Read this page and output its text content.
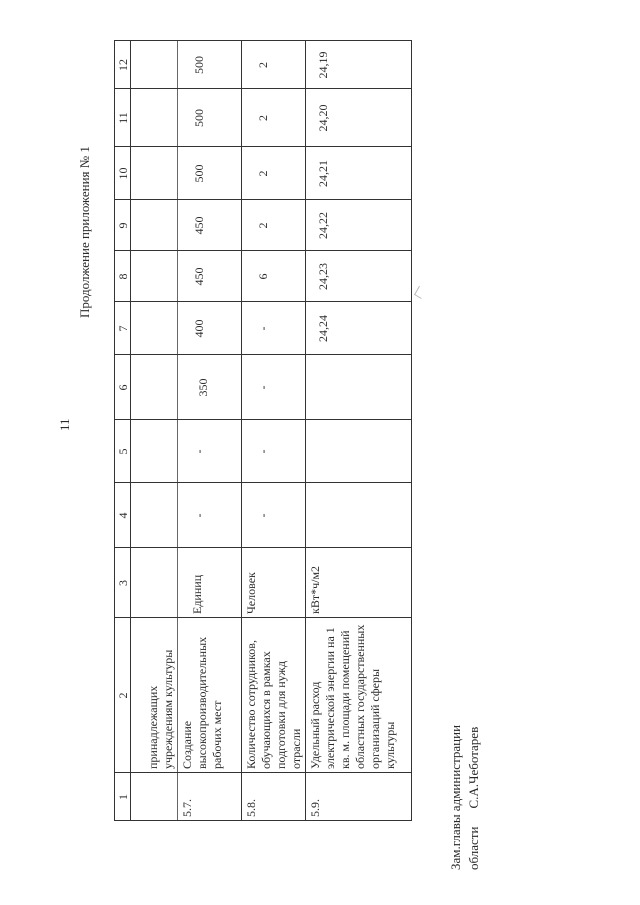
11
Продолжение приложения № 1
1
2
3
4
5
6
7
8
9
10
11
12
принадлежащих учреждениям культуры
5.7.
Создание высокопроизводительных рабочих мест
Единиц
-
-
350
400
450
450
500
500
500
5.8.
Количество сотрудников, обучающихся в рамках подготовки для нужд отрасли
Человек
-
-
-
-
6
2
2
2
2
5.9.
Удельный расход электрической энергии на 1 кв. м. площади помещений областных государственных организаций сферы культуры
кВт*ч/м2
24,24
24,23
24,22
24,21
24,20
24,19
Зам.главы администрации областиС.А.Чеботарев
